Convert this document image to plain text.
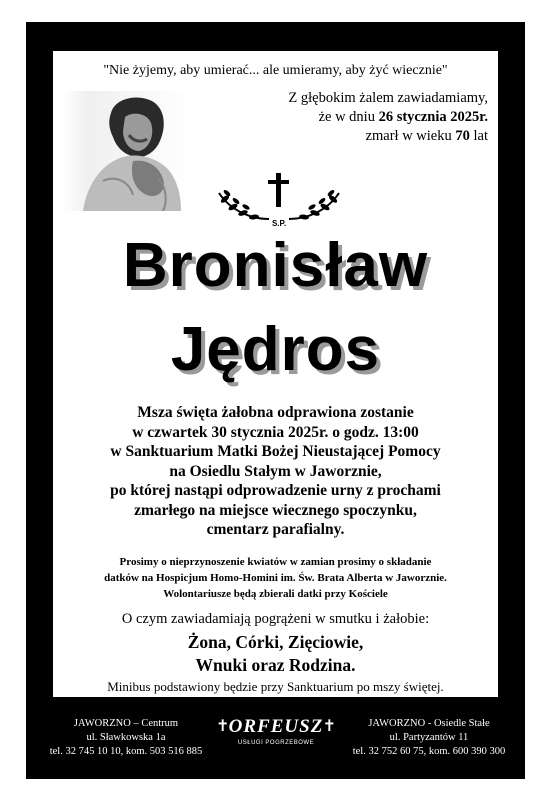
"Nie żyjemy, aby umierać... ale umieramy, aby żyć wiecznie"
Z głębokim żalem zawiadamiamy,
że w dniu 26 stycznia 2025r.
zmarł w wieku 70 lat
S.P.
Bronisław
Jędros
Msza święta żałobna odprawiona zostanie
w czwartek 30 stycznia 2025r. o godz. 13:00
w Sanktuarium Matki Bożej Nieustającej Pomocy
na Osiedlu Stałym w Jaworznie,
po której nastąpi odprowadzenie urny z prochami
zmarłego na miejsce wiecznego spoczynku,
cmentarz parafialny.
Prosimy o nieprzynoszenie kwiatów w zamian prosimy o składanie
datków na Hospicjum Homo-Homini im. Św. Brata Alberta w Jaworznie.
Wolontariusze będą zbierali datki przy Kościele
O czym zawiadamiają pogrążeni w smutku i żałobie:
Żona, Córki, Zięciowie,
Wnuki oraz Rodzina.
Minibus podstawiony będzie przy Sanktuarium po mszy świętej.
JAWORZNO – Centrum
ul. Sławkowska 1a
tel. 32 745 10 10, kom. 503 516 885
✝	✝
ORFEUSZ
USŁUGI POGRZEBOWE
JAWORZNO - Osiedle Stałe
ul. Partyzantów 11
tel. 32 752 60 75, kom. 600 390 300
